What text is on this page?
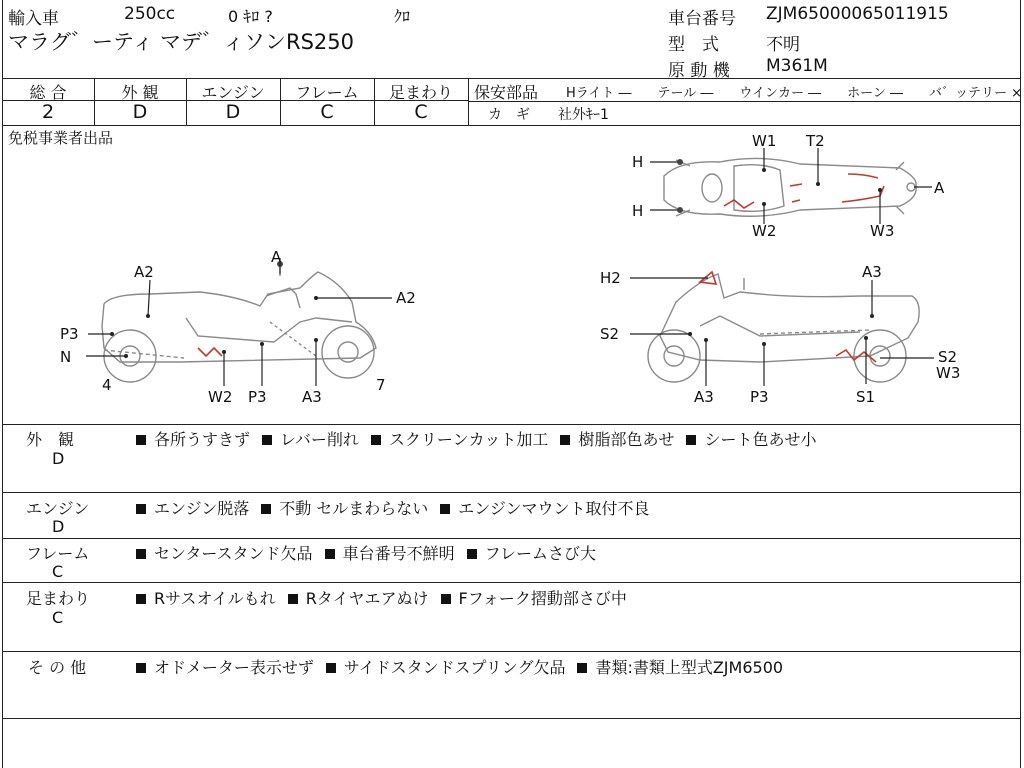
輸入車	250cc	0 ｷﾛ ?	ｸﾛ
マラグ゛ーティ マデ゛ィソンRS250
車台番号 ZJM65000065011915
型　式	不明
原 動 機 M361M
総 合	外 観	エンジン	フレーム	足まわり
2	D	D	C	C
保安部品 Hライト ―　　テール ―　　ウインカー ―　　ホーン ―　　バ゛ッテリー ×
カ　ギ　　社外ｷｰ1
免税事業者出品
A
A2
A2
P3
N
4	7
W2 P3 A3
H2	A3
S2
S2
W3
A3 P3	S1
H
H
W1 T2
A
W2	W3
外　観
D
各所うすきず レバー削れ スクリーンカット加工 樹脂部色あせ シート色あせ小
エンジン
D
エンジン脱落 不動 セルまわらない エンジンマウント取付不良
フレーム
C
センタースタンド欠品 車台番号不鮮明 フレームさび大
足まわり
C
Rサスオイルもれ Rタイヤエアぬけ Fフォーク摺動部さび中
そ の 他	オドメーター表示せず サイドスタンドスプリング欠品 書類:書類上型式ZJM6500
